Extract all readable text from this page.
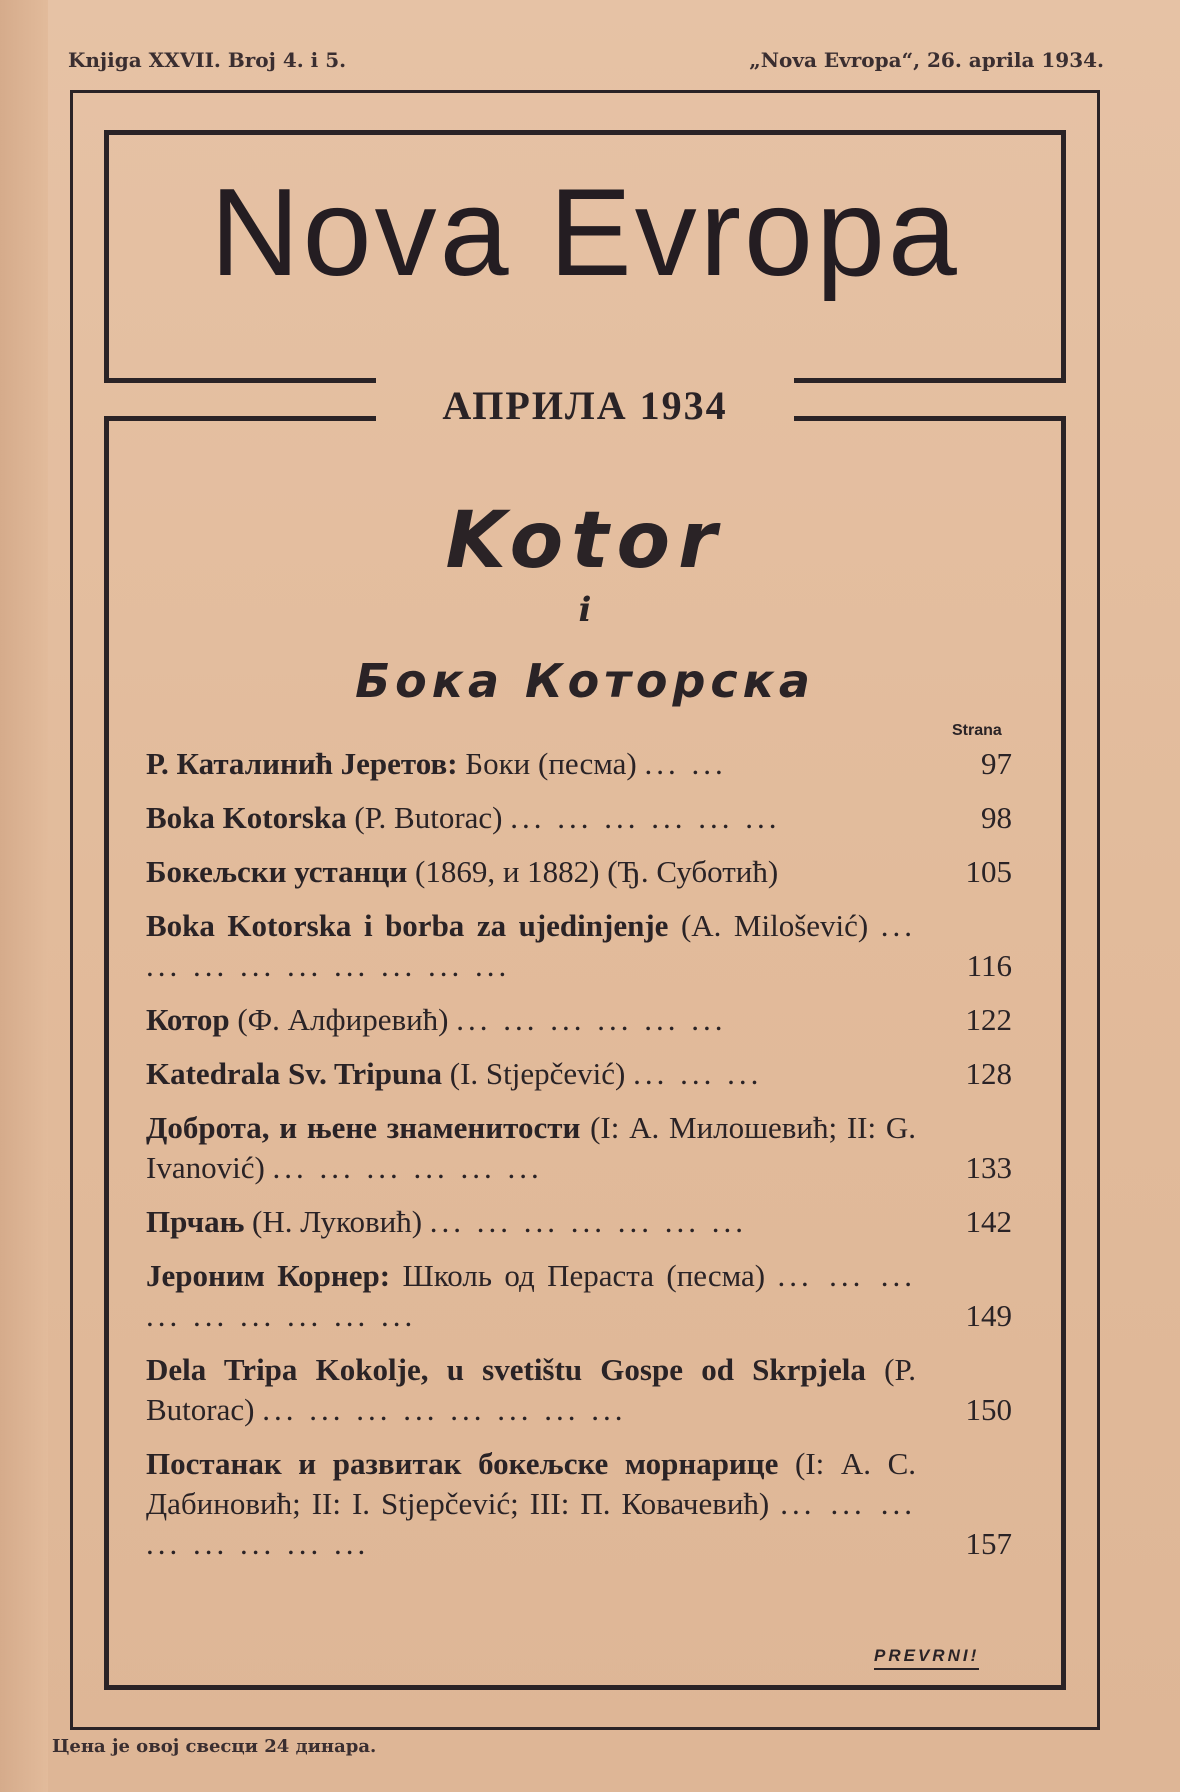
Knjiga XXVII. Broj 4. i 5.	„Nova Evropa“, 26. aprila 1934.
Nova Evropa
АПРИЛА 1934
Kotor
i
Бока Которска
Strana
Р. Каталинић Јеретов: Боки (песма) ... ...	97
Boka Kotorska (P. Butorac) ... ... ... ... ... ...	98
Бокељски устанци (1869, и 1882) (Ђ. Суботић)	105
Boka Kotorska i borba za ujedinjenje (A. Milošević) ... ... ... ... ... ... ... ... ...	116
Котор (Ф. Алфиревић) ... ... ... ... ... ...	122
Katedrala Sv. Tripuna (I. Stjepčević) ... ... ...	128
Доброта, и њене знаменитости (I: А. Милошевић; II: G. Ivanović) ... ... ... ... ... ...	133
Прчањ (Н. Луковић) ... ... ... ... ... ... ...	142
Јероним Корнер: Школь од Пераста (песма) ... ... ... ... ... ... ... ... ...	149
Dela Tripa Kokolje, u svetištu Gospe od Skrpjela (P. Butorac) ... ... ... ... ... ... ... ...	150
Постанак и развитак бокељске морнарице (I: А. С. Дабиновић; II: I. Stjepčević; III: П. Ковачевић) ... ... ... ... ... ... ... ...	157
PREVRNI!
Цена је овој свесци 24 динара.
